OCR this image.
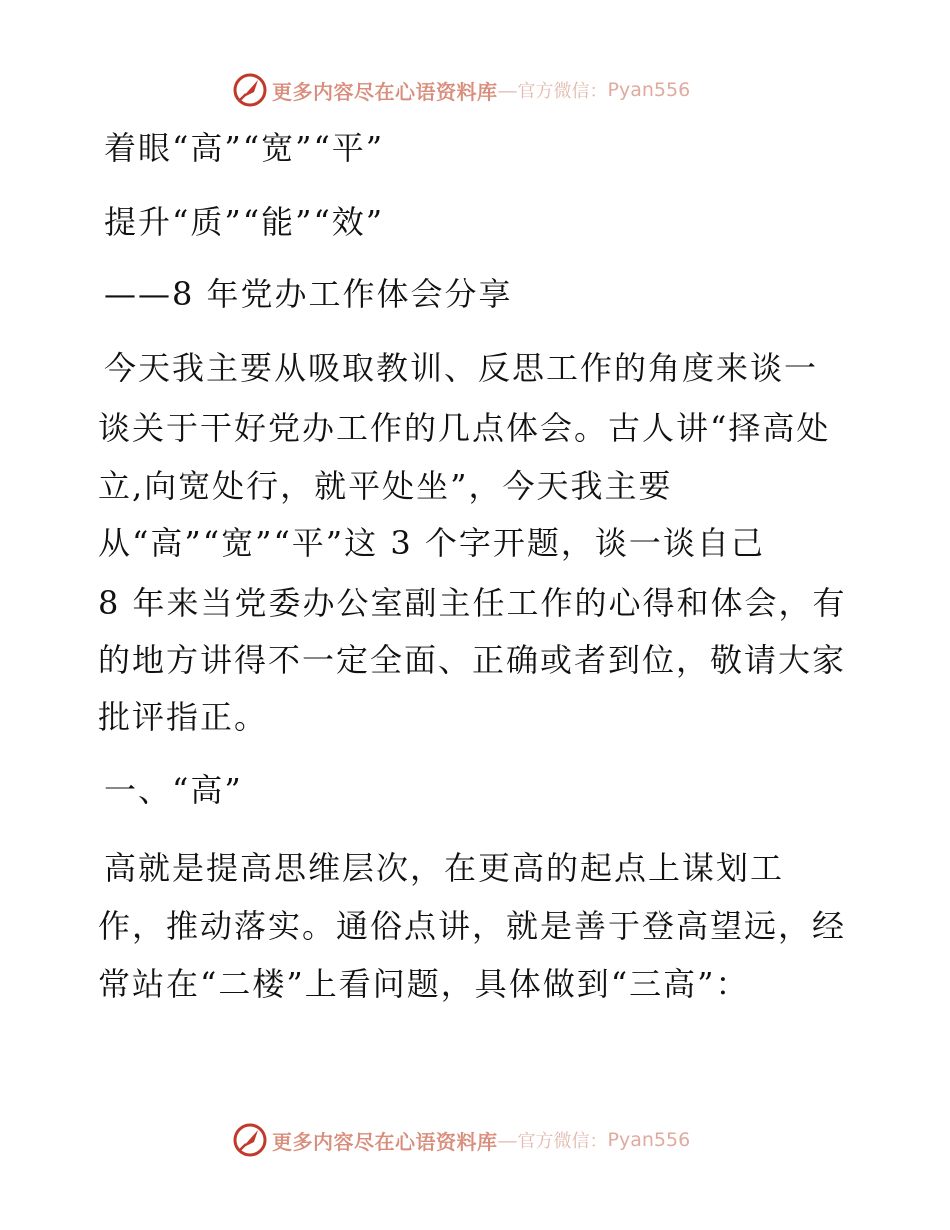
更多内容尽在心语资料库 — 官方微信： Pyan556
着眼“高”“宽”“平”
提升“质”“能”“效”
——8 年党办工作体会分享
今天我主要从吸取教训、反思工作的角度来谈一
谈关于干好党办工作的几点体会。古人讲“择高处
立,向宽处行，就平处坐”，今天我主要
从“高”“宽”“平”这 3 个字开题，谈一谈自己
8 年来当党委办公室副主任工作的心得和体会，有
的地方讲得不一定全面、正确或者到位，敬请大家
批评指正。
一、“高”
高就是提高思维层次，在更高的起点上谋划工
作，推动落实。通俗点讲，就是善于登高望远，经
常站在“二楼”上看问题，具体做到“三高”：
更多内容尽在心语资料库 — 官方微信： Pyan556
